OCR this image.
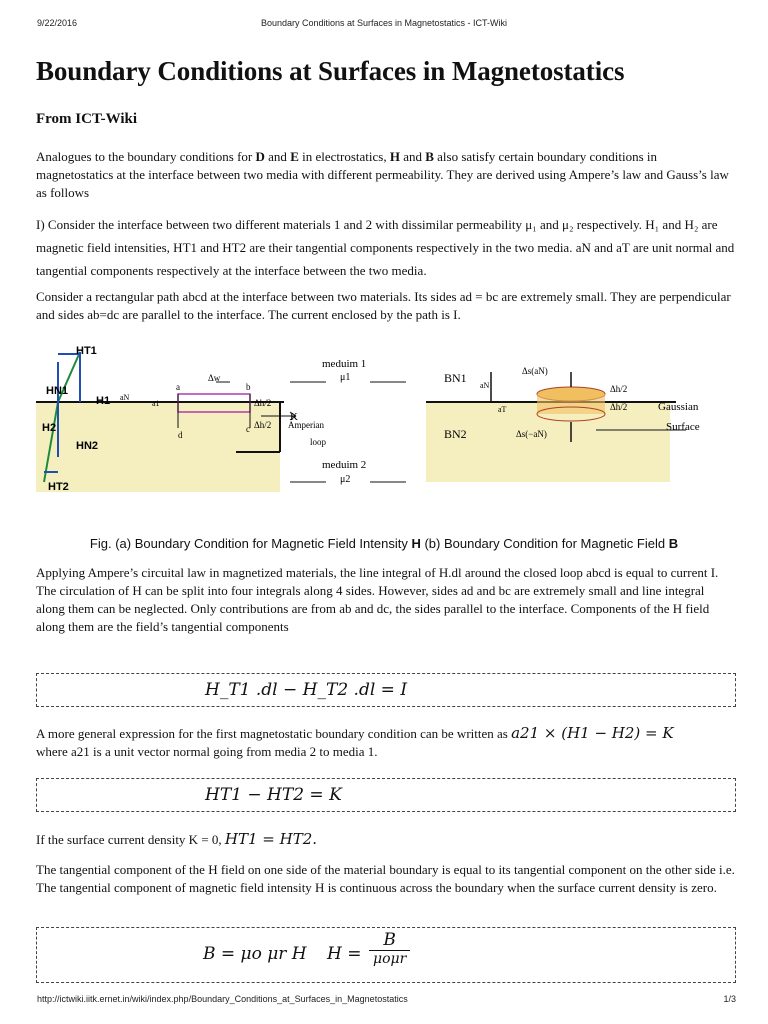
9/22/2016	Boundary Conditions at Surfaces in Magnetostatics - ICT-Wiki
Boundary Conditions at Surfaces in Magnetostatics
From ICT-Wiki

Analogues to the boundary conditions for D and E in electrostatics, H and B also satisfy certain boundary conditions in magnetostatics at the interface between two media with different permeability. They are derived using Ampere’s law and Gauss’s law as follows

I) Consider the interface between two different materials 1 and 2 with dissimilar permeability μ₁ and μ₂ respectively. H₁ and H₂ are magnetic field intensities, HT1 and HT2 are their tangential components respectively in the two media. aN and aT are unit normal and tangential components respectively at the interface between the two media.

Consider a rectangular path abcd at the interface between two materials. Its sides ad = bc are extremely small. They are perpendicular and sides ab=dc are parallel to the interface. The current enclosed by the path is I.

HT1
HN1
H1
H2
HN2
HT2
a	b
c
d
Δw
Δh/2
Δh/2
K
aN
a1
Amperian
loop
meduim 1
μ1
meduim 2
μ2
BN1
BN2
aN
aT
Δs(aN)
Δs(−aN)
Δh/2
Δh/2	Gaussian
Surface
Fig. (a) Boundary Condition for Magnetic Field Intensity H (b) Boundary Condition for Magnetic Field B

Applying Ampere’s circuital law in magnetized materials, the line integral of H.dl around the closed loop abcd is equal to current I. The circulation of H can be split into four integrals along 4 sides. However, sides ad and bc are extremely small and line integral along them can be neglected. Only contributions are from ab and dc, the sides parallel to the interface. Components of the H field along them are the field’s tangential components

H_T1 .dl − H_T2 .dl = I

A more general expression for the first magnetostatic boundary condition can be written as a21 × (H1 − H2) = K
where a21 is a unit vector normal going from media 2 to media 1.

HT1 − HT2 = K

If the surface current density K = 0, HT1 = HT2.

The tangential component of the H field on one side of the material boundary is equal to its tangential component on the other side i.e. The tangential component of magnetic field intensity H is continuous across the boundary when the surface current density is zero.

B = μo μr H H =
B
μoμr
http://ictwiki.iitk.ernet.in/wiki/index.php/Boundary_Conditions_at_Surfaces_in_Magnetostatics	1/3
